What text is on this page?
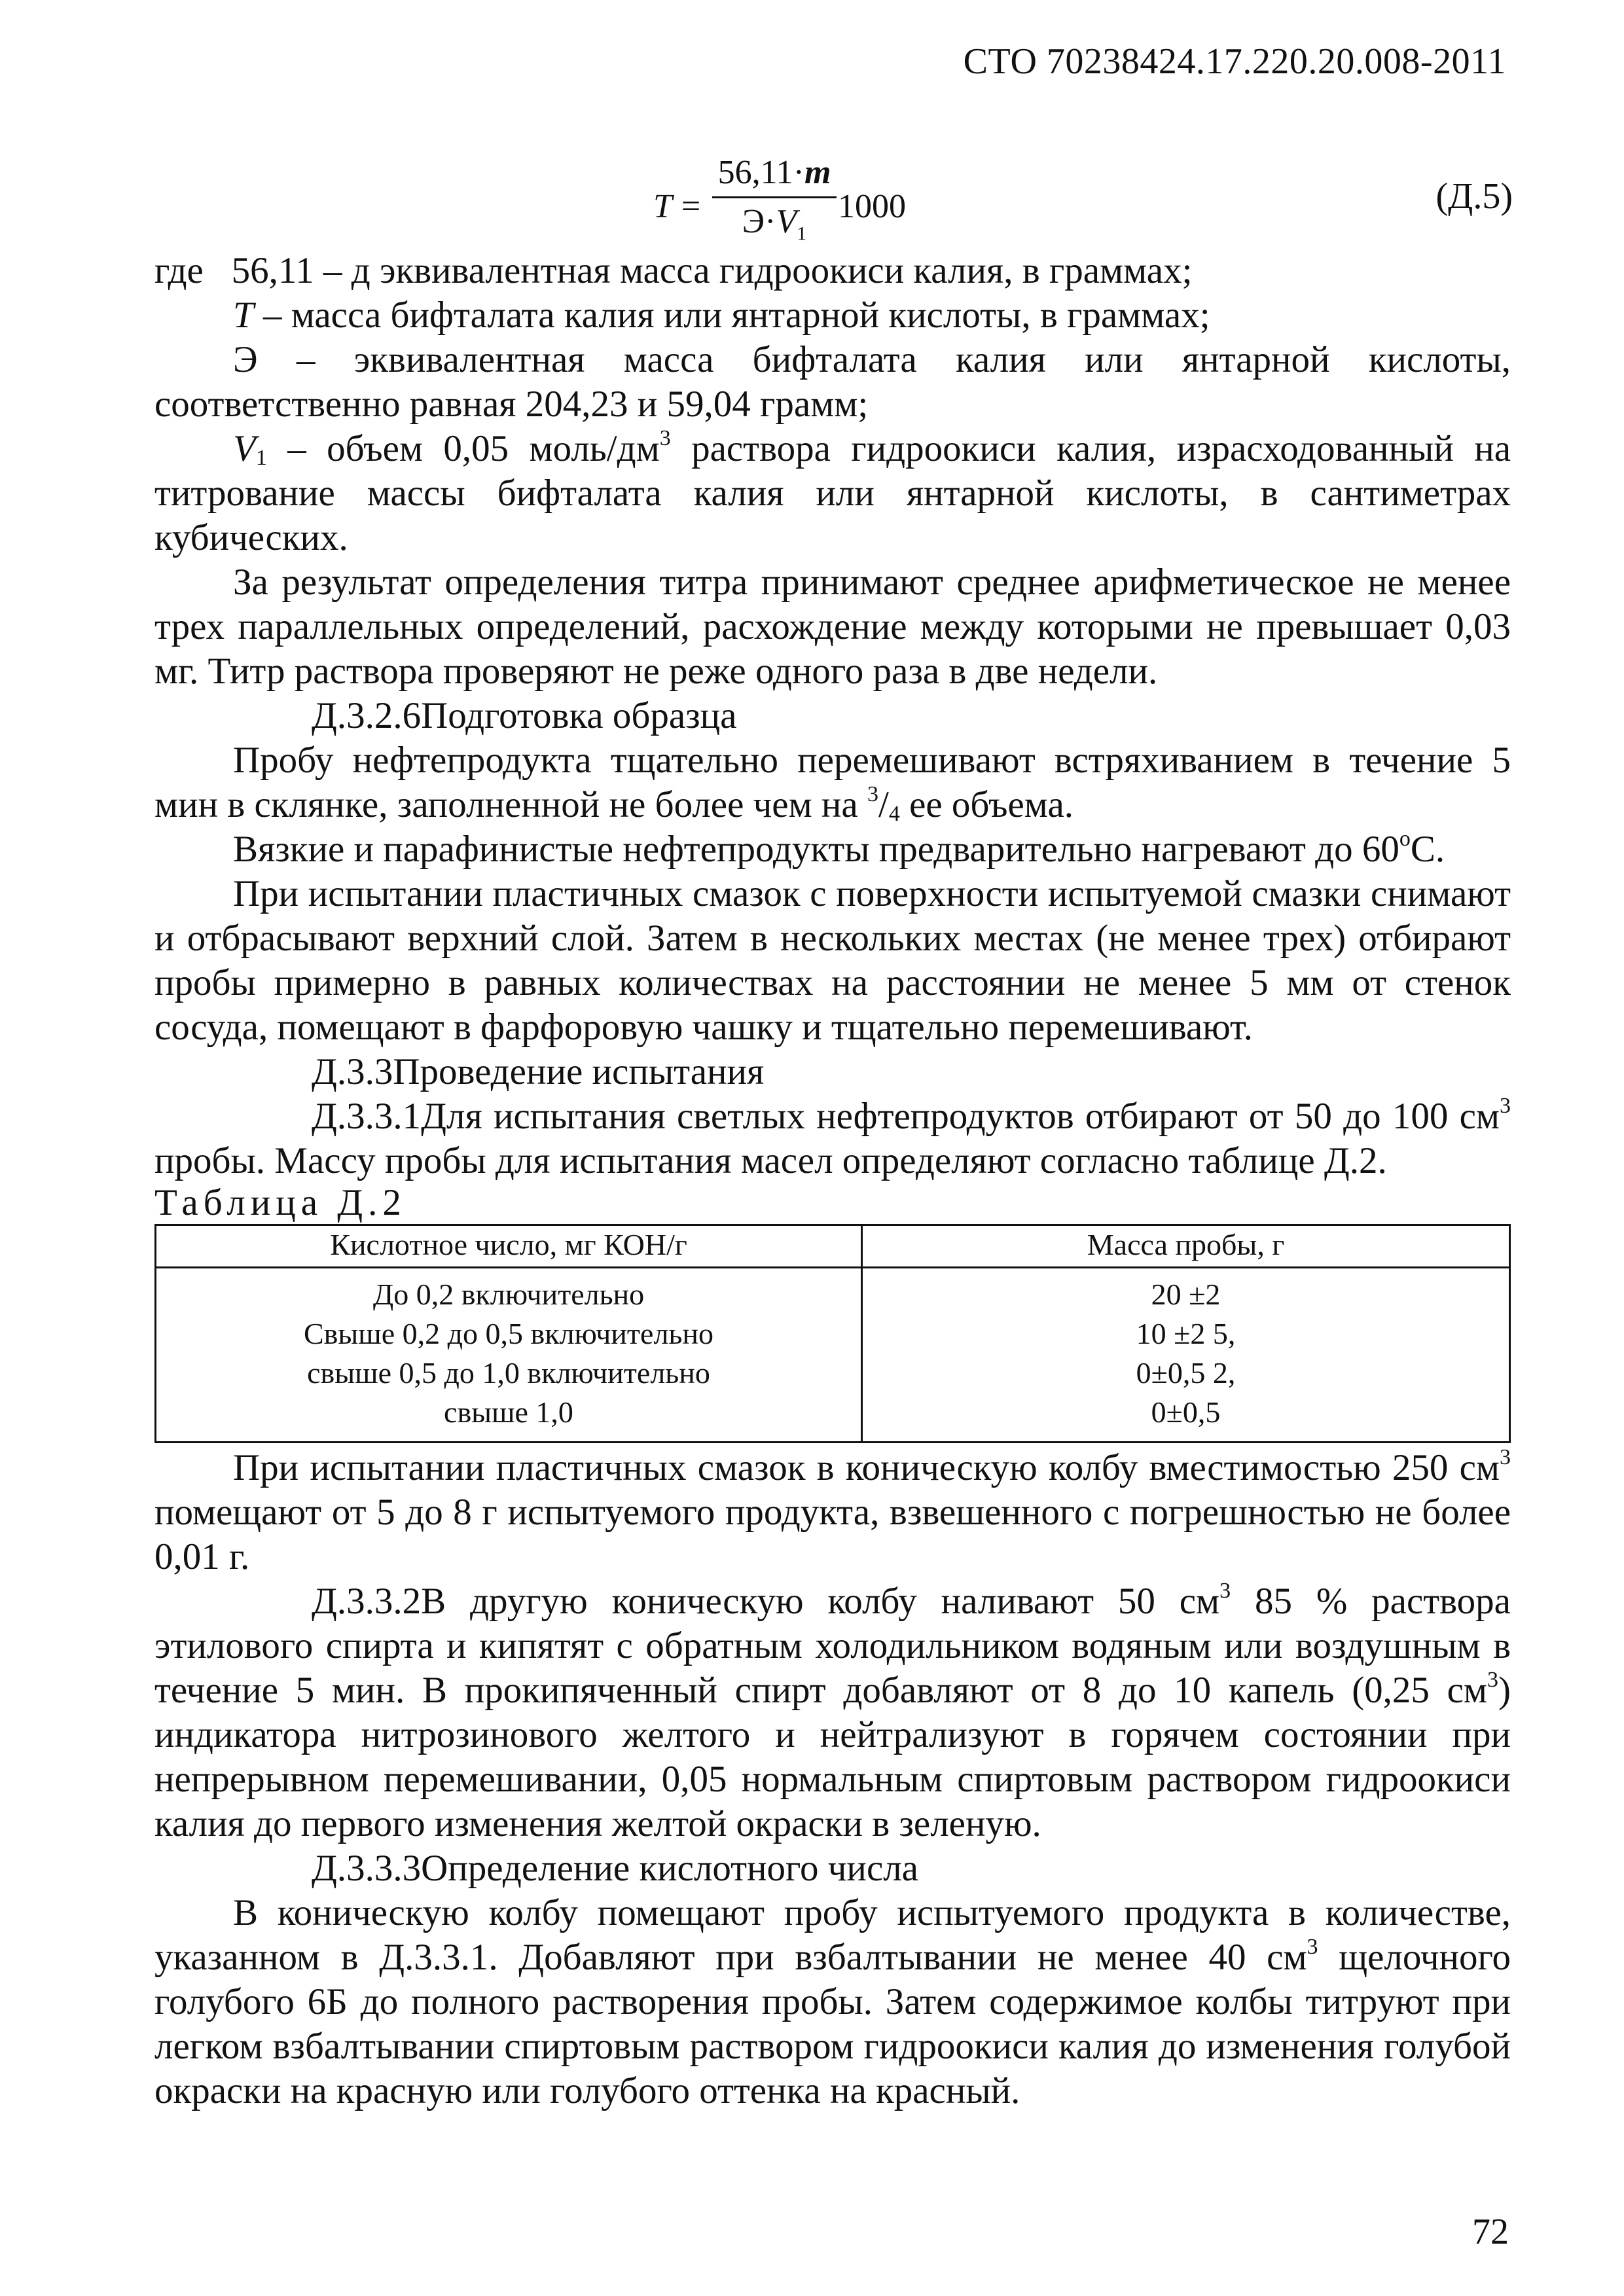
СТО 70238424.17.220.20.008-2011
T =
56,11·m
$Э\cdot V_1$
1000	(Д.5)

где   56,11 – д эквивалентная масса гидроокиси калия, в граммах;

T – масса бифталата калия или янтарной кислоты, в граммах;

Э – эквивалентная масса бифталата калия или янтарной кислоты, соответственно равная 204,23 и 59,04 грамм;

$V_1$ – объем 0,05 моль/$дм^3$ раствора гидроокиси калия, израсходованный на титрование массы бифталата калия или янтарной кислоты, в сантиметрах кубических.

За результат определения титра принимают среднее арифметическое не менее трех параллельных определений, расхождение между которыми не превышает 0,03 мг. Титр раствора проверяют не реже одного раза в две недели.

Д.3.2.6Подготовка образца

Пробу нефтепродукта тщательно перемешивают встряхиванием в течение 5 мин в склянке, заполненной не более чем на $^3/_4$ ее объема.

Вязкие и парафинистые нефтепродукты предварительно нагревают до $60^оС$.

При испытании пластичных смазок с поверхности испытуемой смазки снимают и отбрасывают верхний слой. Затем в нескольких местах (не менее трех) отбирают пробы примерно в равных количествах на расстоянии не менее 5 мм от стенок сосуда, помещают в фарфоровую чашку и тщательно перемешивают.

Д.3.3Проведение испытания

Д.3.3.1Для испытания светлых нефтепродуктов отбирают от 50 до 100 $см^3$ пробы. Массу пробы для испытания масел определяют согласно таблице Д.2.

Таблица Д.2

Кислотное число, мг КОН/г	Масса пробы, г
До 0,2 включительно	20 ±2
Свыше 0,2 до 0,5 включительно	10 ±2 5,
свыше 0,5 до 1,0 включительно	0±0,5 2,
свыше 1,0	0±0,5

При испытании пластичных смазок в коническую колбу вместимостью 250 $см^3$ помещают от 5 до 8 г испытуемого продукта, взвешенного с погрешностью не более 0,01 г.

Д.3.3.2В другую коническую колбу наливают 50 $см^3$ 85 % раствора этилового спирта и кипятят с обратным холодильником водяным или воздушным в течение 5 мин. В прокипяченный спирт добавляют от 8 до 10 капель (0,25 $см^3$) индикатора нитрозинового желтого и нейтрализуют в горячем состоянии при непрерывном перемешивании, 0,05 нормальным спиртовым раствором гидроокиси калия до первого изменения желтой окраски в зеленую.

Д.3.3.3Определение кислотного числа

В коническую колбу помещают пробу испытуемого продукта в количестве, указанном в Д.3.3.1. Добавляют при взбалтывании не менее 40 $см^3$ щелочного голубого 6Б до полного растворения пробы. Затем содержимое колбы титруют при легком взбалтывании спиртовым раствором гидроокиси калия до изменения голубой окраски на красную или голубого оттенка на красный.

72
